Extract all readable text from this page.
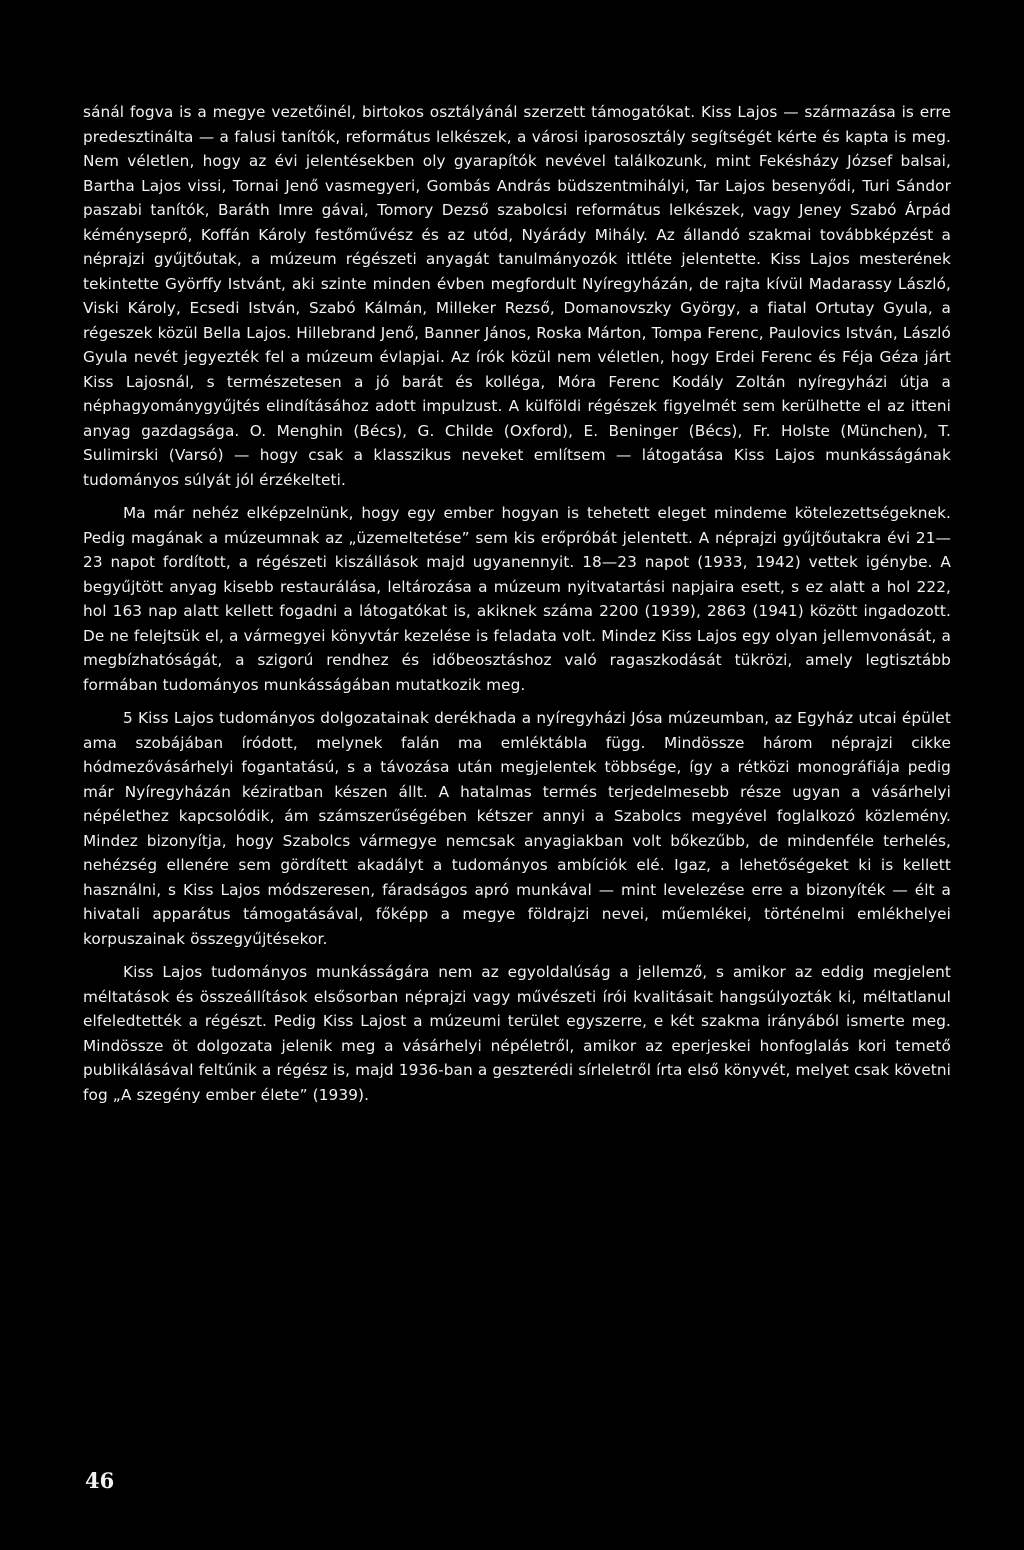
sánál fogva is a megye vezetőinél, birtokos osztályánál szerzett támogatókat. Kiss Lajos — származása is erre predesztinálta — a falusi tanítók, református lelkészek, a városi iparososztály segítségét kérte és kapta is meg. Nem véletlen, hogy az évi jelentésekben oly gyarapítók nevével találkozunk, mint Fekésházy József balsai, Bartha Lajos vissi, Tornai Jenő vasmegyeri, Gombás András büdszentmihályi, Tar Lajos besenyődi, Turi Sándor paszabi tanítók, Baráth Imre gávai, Tomory Dezső szabolcsi református lelkészek, vagy Jeney Szabó Árpád kéményseprő, Koffán Károly festőművész és az utód, Nyárády Mihály. Az állandó szakmai továbbképzést a néprajzi gyűjtőutak, a múzeum régészeti anyagát tanulmányozók ittléte jelentette. Kiss Lajos mesterének tekintette Györffy Istvánt, aki szinte minden évben megfordult Nyíregyházán, de rajta kívül Madarassy László, Viski Károly, Ecsedi István, Szabó Kálmán, Milleker Rezső, Domanovszky György, a fiatal Ortutay Gyula, a régeszek közül Bella Lajos. Hillebrand Jenő, Banner János, Roska Márton, Tompa Ferenc, Paulovics István, László Gyula nevét jegyezték fel a múzeum évlapjai. Az írók közül nem véletlen, hogy Erdei Ferenc és Féja Géza járt Kiss Lajosnál, s természetesen a jó barát és kolléga, Móra Ferenc Kodály Zoltán nyíregyházi útja a néphagyománygyűjtés elindításához adott impulzust. A külföldi régészek figyelmét sem kerülhette el az itteni anyag gazdagsága. O. Menghin (Bécs), G. Childe (Oxford), E. Beninger (Bécs), Fr. Holste (München), T. Sulimirski (Varsó) — hogy csak a klasszikus neveket említsem — látogatása Kiss Lajos munkásságának tudományos súlyát jól érzékelteti.

Ma már nehéz elképzelnünk, hogy egy ember hogyan is tehetett eleget mindeme kötelezettségeknek. Pedig magának a múzeumnak az „üzemeltetése” sem kis erőpróbát jelentett. A néprajzi gyűjtőutakra évi 21—23 napot fordított, a régészeti kiszállások majd ugyanennyit. 18—23 napot (1933, 1942) vettek igénybe. A begyűjtött anyag kisebb restaurálása, leltározása a múzeum nyitvatartási napjaira esett, s ez alatt a hol 222, hol 163 nap alatt kellett fogadni a látogatókat is, akiknek száma 2200 (1939), 2863 (1941) között ingadozott. De ne felejtsük el, a vármegyei könyvtár kezelése is feladata volt. Mindez Kiss Lajos egy olyan jellemvonását, a megbízhatóságát, a szigorú rendhez és időbeosztáshoz való ragaszkodását tükrözi, amely legtisztább formában tudományos munkásságában mutatkozik meg.

5 Kiss Lajos tudományos dolgozatainak derékhada a nyíregyházi Jósa múzeumban, az Egyház utcai épület ama szobájában íródott, melynek falán ma emléktábla függ. Mindössze három néprajzi cikke hódmezővásárhelyi fogantatású, s a távozása után megjelentek többsége, így a rétközi monográfiája pedig már Nyíregyházán kéziratban készen állt. A hatalmas termés terjedelmesebb része ugyan a vásárhelyi népélethez kapcsolódik, ám számszerűségében kétszer annyi a Szabolcs megyével foglalkozó közlemény. Mindez bizonyítja, hogy Szabolcs vármegye nemcsak anyagiakban volt bőkezűbb, de mindenféle terhelés, nehézség ellenére sem gördített akadályt a tudományos ambíciók elé. Igaz, a lehetőségeket ki is kellett használni, s Kiss Lajos módszeresen, fáradságos apró munkával — mint levelezése erre a bizonyíték — élt a hivatali apparátus támogatásával, főképp a megye földrajzi nevei, műemlékei, történelmi emlékhelyei korpuszainak összegyűjtésekor.

Kiss Lajos tudományos munkásságára nem az egyoldalúság a jellemző, s amikor az eddig megjelent méltatások és összeállítások elsősorban néprajzi vagy művészeti írói kvalitásait hangsúlyozták ki, méltatlanul elfeledtették a régészt. Pedig Kiss Lajost a múzeumi terület egyszerre, e két szakma irányából ismerte meg. Mindössze öt dolgozata jelenik meg a vásárhelyi népéletről, amikor az eperjeskei honfoglalás kori temető publikálásával feltűnik a régész is, majd 1936-ban a geszterédi sírleletről írta első könyvét, melyet csak követni fog „A szegény ember élete” (1939).

46
